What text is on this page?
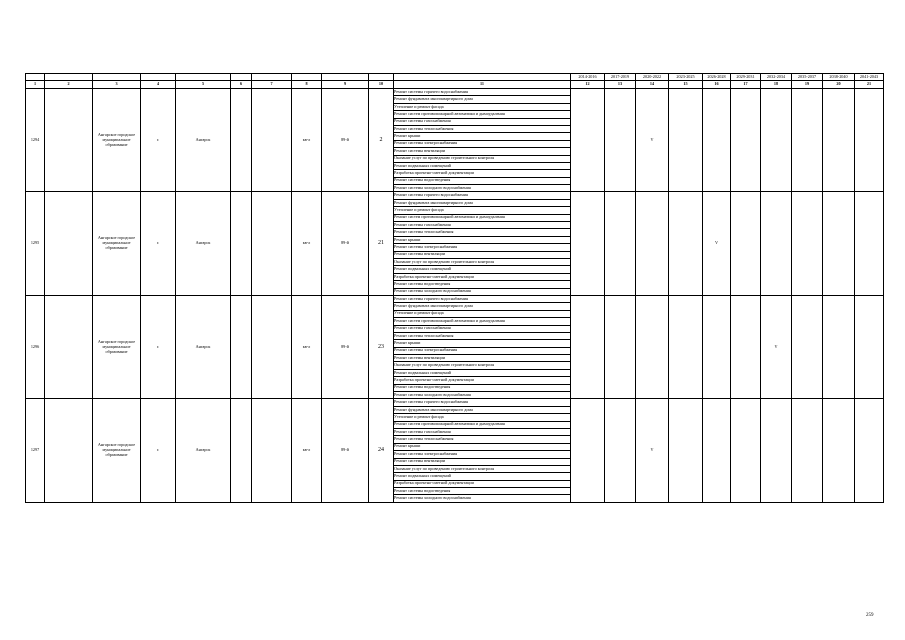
											2014-2016	2017-2019	2020-2022	2023-2025	2026-2028	2029-2031	2032-2034	2035-2037	2038-2040	2041-2043
1	2	3	4	5	6	7	8	9	10	11	12	13	14	15	16	17	18	19	20	21
1294		Ангарское городское муниципальное образование	г.	Ангарск			кв-л	89-й	2	Ремонт системы горячего водоснабжения			V							
										Ремонт фундамента многоквартирного дома										
										Утепление и ремонт фасада										
										Ремонт систем противопожарной автоматики и дымоудаления										
										Ремонт системы газоснабжения										
										Ремонт системы теплоснабжения										
										Ремонт крыши										
										Ремонт системы электроснабжения										
										Ремонт системы вентиляции										
										Оказание услуг по проведению строительного контроля										
										Ремонт подвальных помещений										
										Разработка проектно-сметной документации										
										Ремонт системы водоотведения										
										Ремонт системы холодного водоснабжения										
1295		Ангарское городское муниципальное образование	г.	Ангарск			кв-л	89-й	21	Ремонт системы горячего водоснабжения					V					
										Ремонт фундамента многоквартирного дома										
										Утепление и ремонт фасада										
										Ремонт систем противопожарной автоматики и дымоудаления										
										Ремонт системы газоснабжения										
										Ремонт системы теплоснабжения										
										Ремонт крыши										
										Ремонт системы электроснабжения										
										Ремонт системы вентиляции										
										Оказание услуг по проведению строительного контроля										
										Ремонт подвальных помещений										
										Разработка проектно-сметной документации										
										Ремонт системы водоотведения										
										Ремонт системы холодного водоснабжения										
1296		Ангарское городское муниципальное образование	г.	Ангарск			кв-л	89-й	23	Ремонт системы горячего водоснабжения							V			
										Ремонт фундамента многоквартирного дома										
										Утепление и ремонт фасада										
										Ремонт систем противопожарной автоматики и дымоудаления										
										Ремонт системы газоснабжения										
										Ремонт системы теплоснабжения										
										Ремонт крыши										
										Ремонт системы электроснабжения										
										Ремонт системы вентиляции										
										Оказание услуг по проведению строительного контроля										
										Ремонт подвальных помещений										
										Разработка проектно-сметной документации										
										Ремонт системы водоотведения										
										Ремонт системы холодного водоснабжения										
1297		Ангарское городское муниципальное образование	г.	Ангарск			кв-л	89-й	24	Ремонт системы горячего водоснабжения			V							
										Ремонт фундамента многоквартирного дома										
										Утепление и ремонт фасада										
										Ремонт систем противопожарной автоматики и дымоудаления										
										Ремонт системы газоснабжения										
										Ремонт системы теплоснабжения										
										Ремонт крыши										
										Ремонт системы электроснабжения										
										Ремонт системы вентиляции										
										Оказание услуг по проведению строительного контроля										
										Ремонт подвальных помещений										
										Разработка проектно-сметной документации										
										Ремонт системы водоотведения										
										Ремонт системы холодного водоснабжения										
259
